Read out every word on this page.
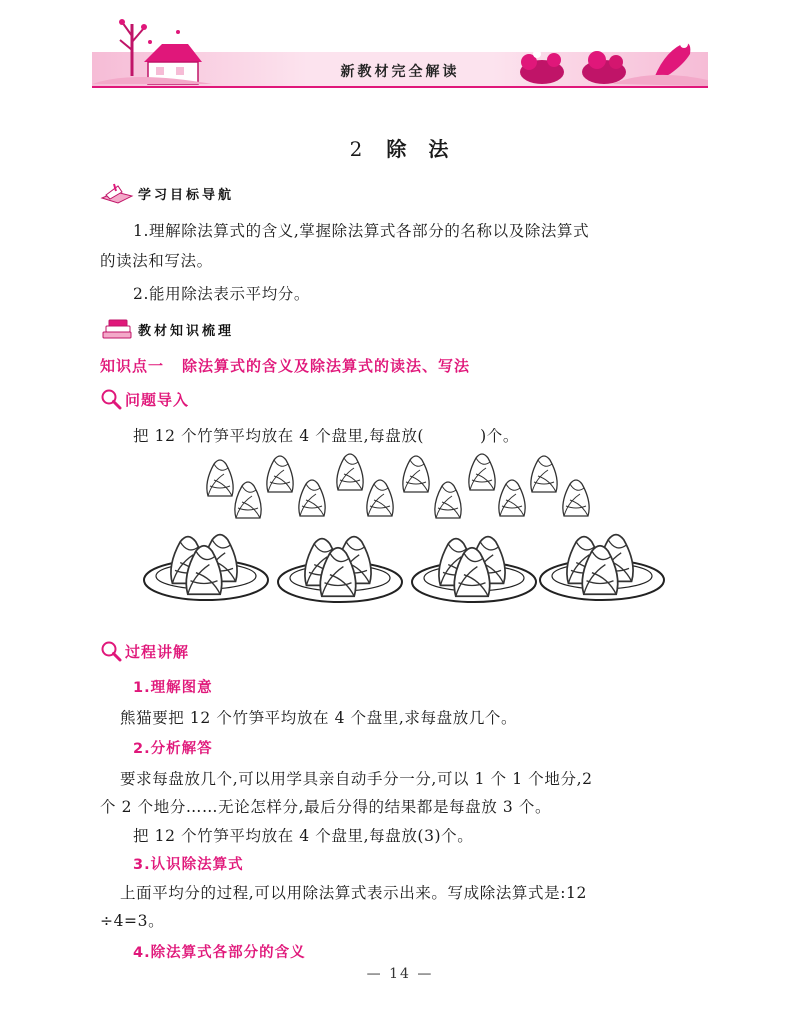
新教材完全解读
2 除 法
学习目标导航
1.理解除法算式的含义,掌握除法算式各部分的名称以及除法算式
的读法和写法。
2.能用除法表示平均分。
教材知识梳理
知识点一 除法算式的含义及除法算式的读法、写法
问题导入
把 12 个竹笋平均放在 4 个盘里,每盘放(	)个。
过程讲解
1.理解图意
熊猫要把 12 个竹笋平均放在 4 个盘里,求每盘放几个。
2.分析解答
要求每盘放几个,可以用学具亲自动手分一分,可以 1 个 1 个地分,2
个 2 个地分……无论怎样分,最后分得的结果都是每盘放 3 个。
把 12 个竹笋平均放在 4 个盘里,每盘放(3)个。
3.认识除法算式
上面平均分的过程,可以用除法算式表示出来。写成除法算式是:12
÷4=3。
4.除法算式各部分的含义
— 14 —
